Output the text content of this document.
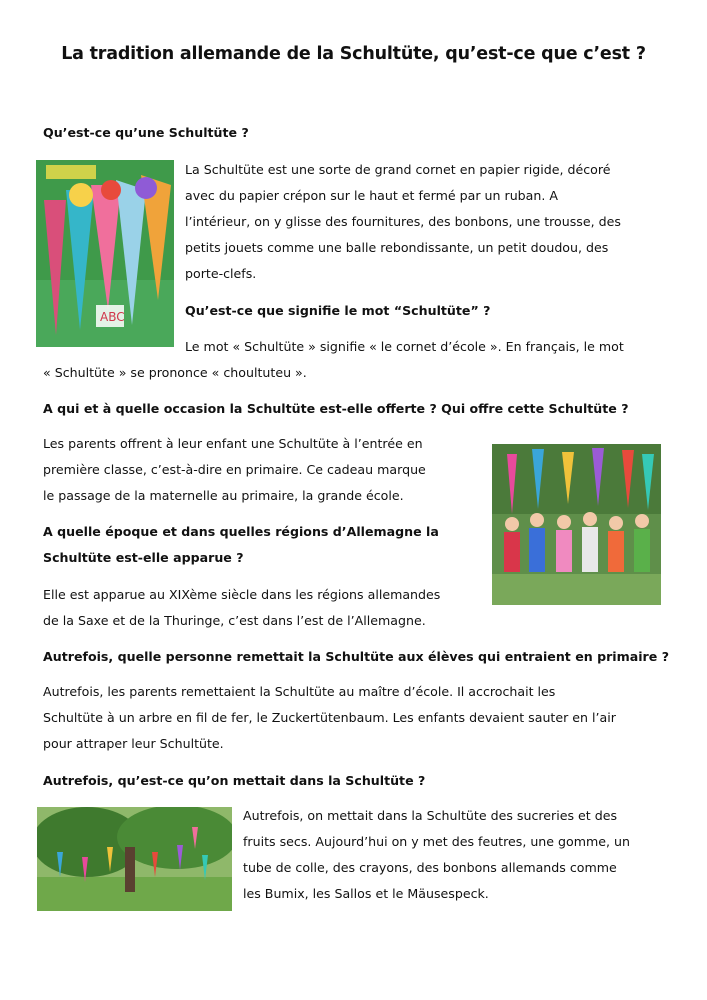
La tradition allemande de la Schultüte, qu’est-ce que c’est ?
Qu’est-ce qu’une Schultüte ?
ABC
La Schultüte est une sorte de grand cornet en papier rigide, décoré
avec du papier crépon sur le haut et fermé par un ruban. A
l’intérieur, on y glisse des fournitures, des bonbons, une trousse, des
petits jouets comme une balle rebondissante, un petit doudou, des
porte-clefs.
Qu’est-ce que signifie le mot “Schultüte” ?
Le mot « Schultüte » signifie « le cornet d’école ». En français, le mot
« Schultüte » se prononce « choultuteu ».
A qui et à quelle occasion la Schultüte est-elle offerte ? Qui offre cette Schultüte ?
Les parents offrent à leur enfant une Schultüte à l’entrée en
première classe, c’est-à-dire en primaire. Ce cadeau marque
le passage de la maternelle au primaire, la grande école.
A quelle époque et dans quelles régions d’Allemagne la
Schultüte est-elle apparue ?
Elle est apparue au XIXème siècle dans les régions allemandes
de la Saxe et de la Thuringe, c’est dans l’est de l’Allemagne.
Autrefois, quelle personne remettait la Schultüte aux élèves qui entraient en primaire ?
Autrefois, les parents remettaient la Schultüte au maître d’école. Il accrochait les
Schultüte à un arbre en fil de fer, le Zuckertütenbaum. Les enfants devaient sauter en l’air
pour attraper leur Schultüte.
Autrefois, qu’est-ce qu’on mettait dans la Schultüte ?
Autrefois, on mettait dans la Schultüte des sucreries et des
fruits secs. Aujourd’hui on y met des feutres, une gomme, un
tube de colle, des crayons, des bonbons allemands comme
les Bumix, les Sallos et le Mäusespeck.
